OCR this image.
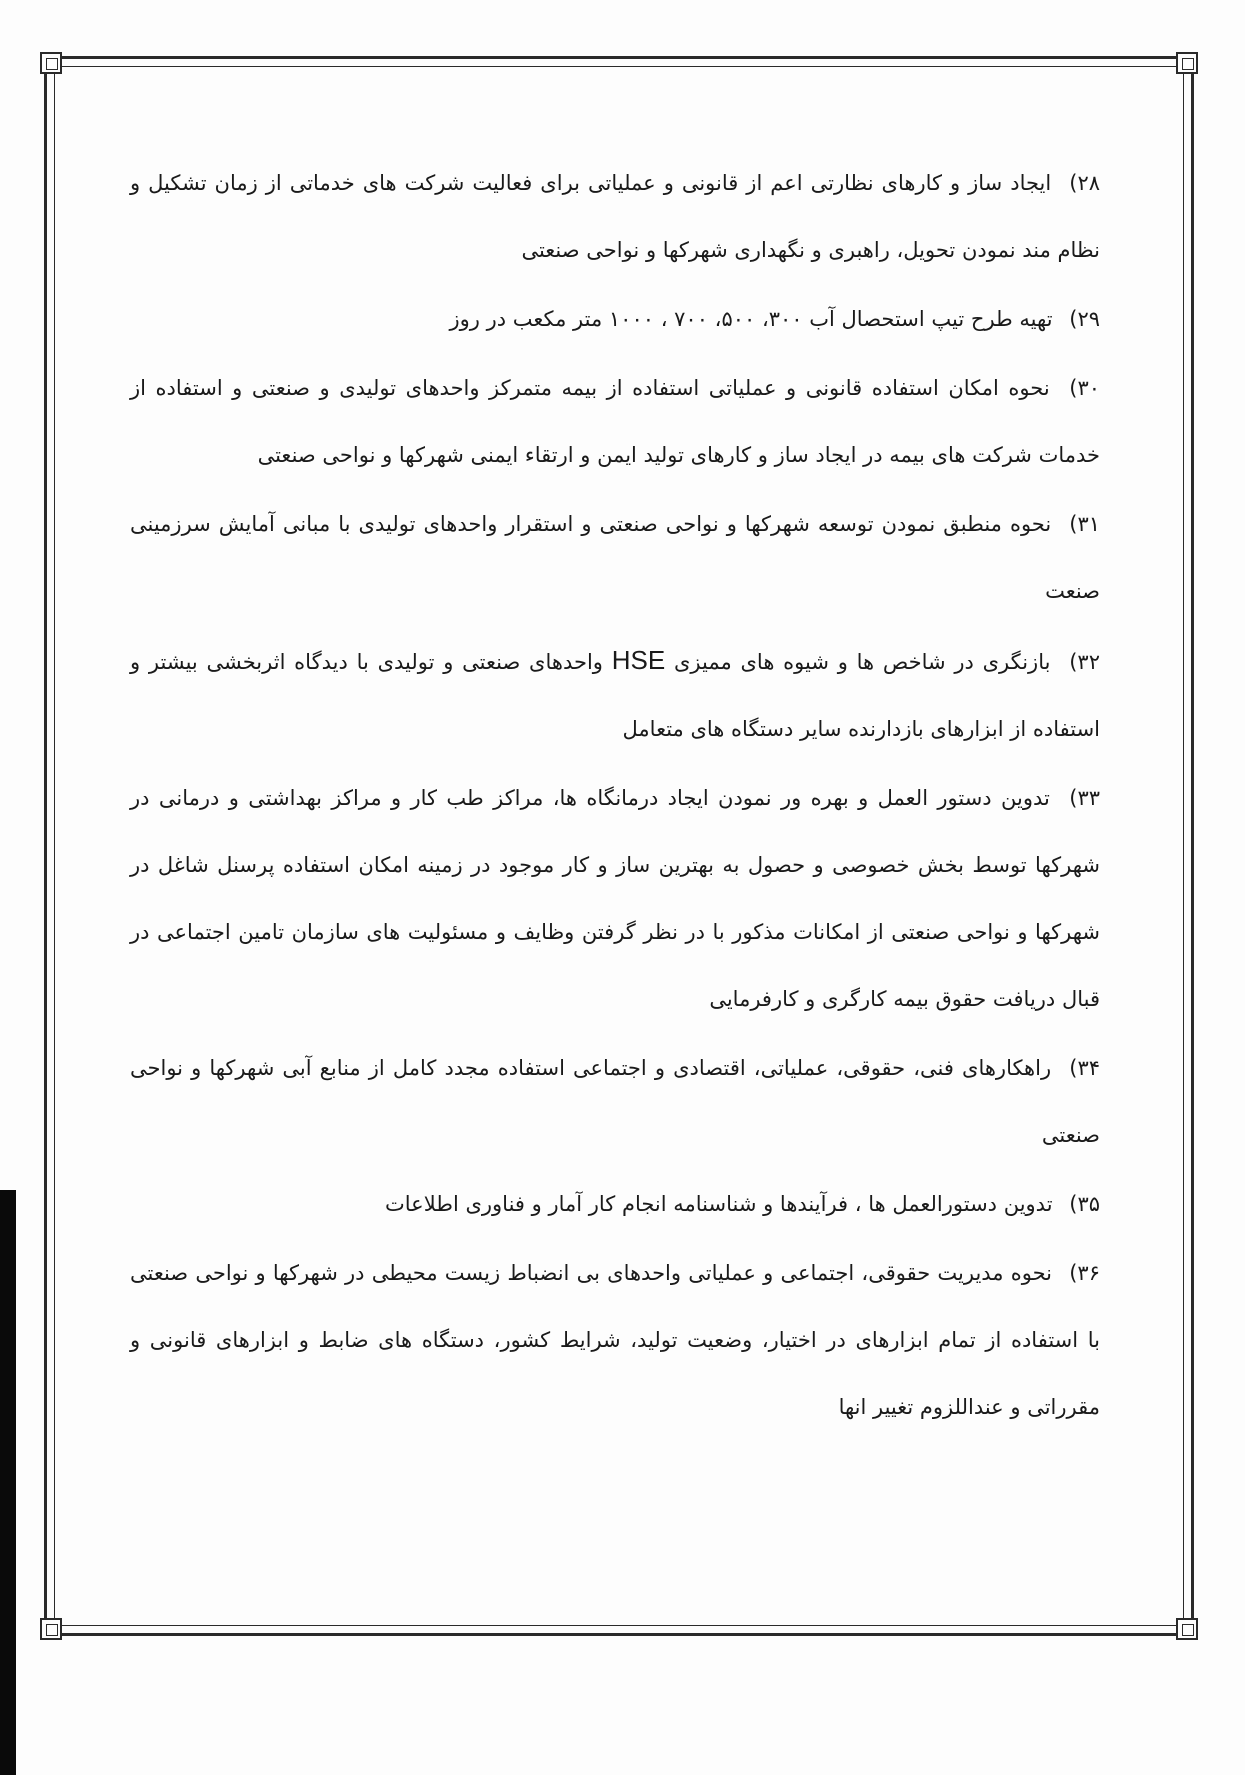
۲۸) ایجاد ساز و کارهای نظارتی اعم از قانونی و عملیاتی برای فعالیت شرکت های خدماتی از زمان تشکیل و نظام مند نمودن تحویل، راهبری و نگهداری شهرکها و نواحی صنعتی

۲۹) تهیه طرح تیپ استحصال آب ۳۰۰، ۵۰۰، ۷۰۰ ، ۱۰۰۰ متر مکعب در روز

۳۰) نحوه امکان استفاده قانونی و عملیاتی استفاده از بیمه متمرکز واحدهای تولیدی و صنعتی و استفاده از خدمات شرکت های بیمه در ایجاد ساز و کارهای تولید ایمن و ارتقاء ایمنی شهرکها و نواحی صنعتی

۳۱) نحوه منطبق نمودن توسعه شهرکها و نواحی صنعتی و استقرار واحدهای تولیدی با مبانی آمایش سرزمینی صنعت

۳۲) بازنگری در شاخص ها و شیوه های ممیزی HSE واحدهای صنعتی و تولیدی با دیدگاه اثربخشی بیشتر و استفاده از ابزارهای بازدارنده سایر دستگاه های متعامل

۳۳) تدوین دستور العمل و بهره ور نمودن ایجاد درمانگاه ها، مراکز طب کار و مراکز بهداشتی و درمانی در شهرکها توسط بخش خصوصی و حصول به بهترین ساز و کار موجود در زمینه امکان استفاده پرسنل شاغل در شهرکها و نواحی صنعتی از امکانات مذکور با در نظر گرفتن وظایف و مسئولیت های سازمان تامین اجتماعی در قبال دریافت حقوق بیمه کارگری و کارفرمایی

۳۴) راهکارهای فنی، حقوقی، عملیاتی، اقتصادی و اجتماعی استفاده مجدد کامل از منابع آبی شهرکها و نواحی صنعتی

۳۵) تدوین دستورالعمل ها ، فرآیندها و شناسنامه انجام کار آمار و فناوری اطلاعات

۳۶) نحوه مدیریت حقوقی، اجتماعی و عملیاتی واحدهای بی انضباط زیست محیطی در شهرکها و نواحی صنعتی با استفاده از تمام ابزارهای در اختیار، وضعیت تولید، شرایط کشور، دستگاه های ضابط و ابزارهای قانونی و مقرراتی و عنداللزوم تغییر انها
